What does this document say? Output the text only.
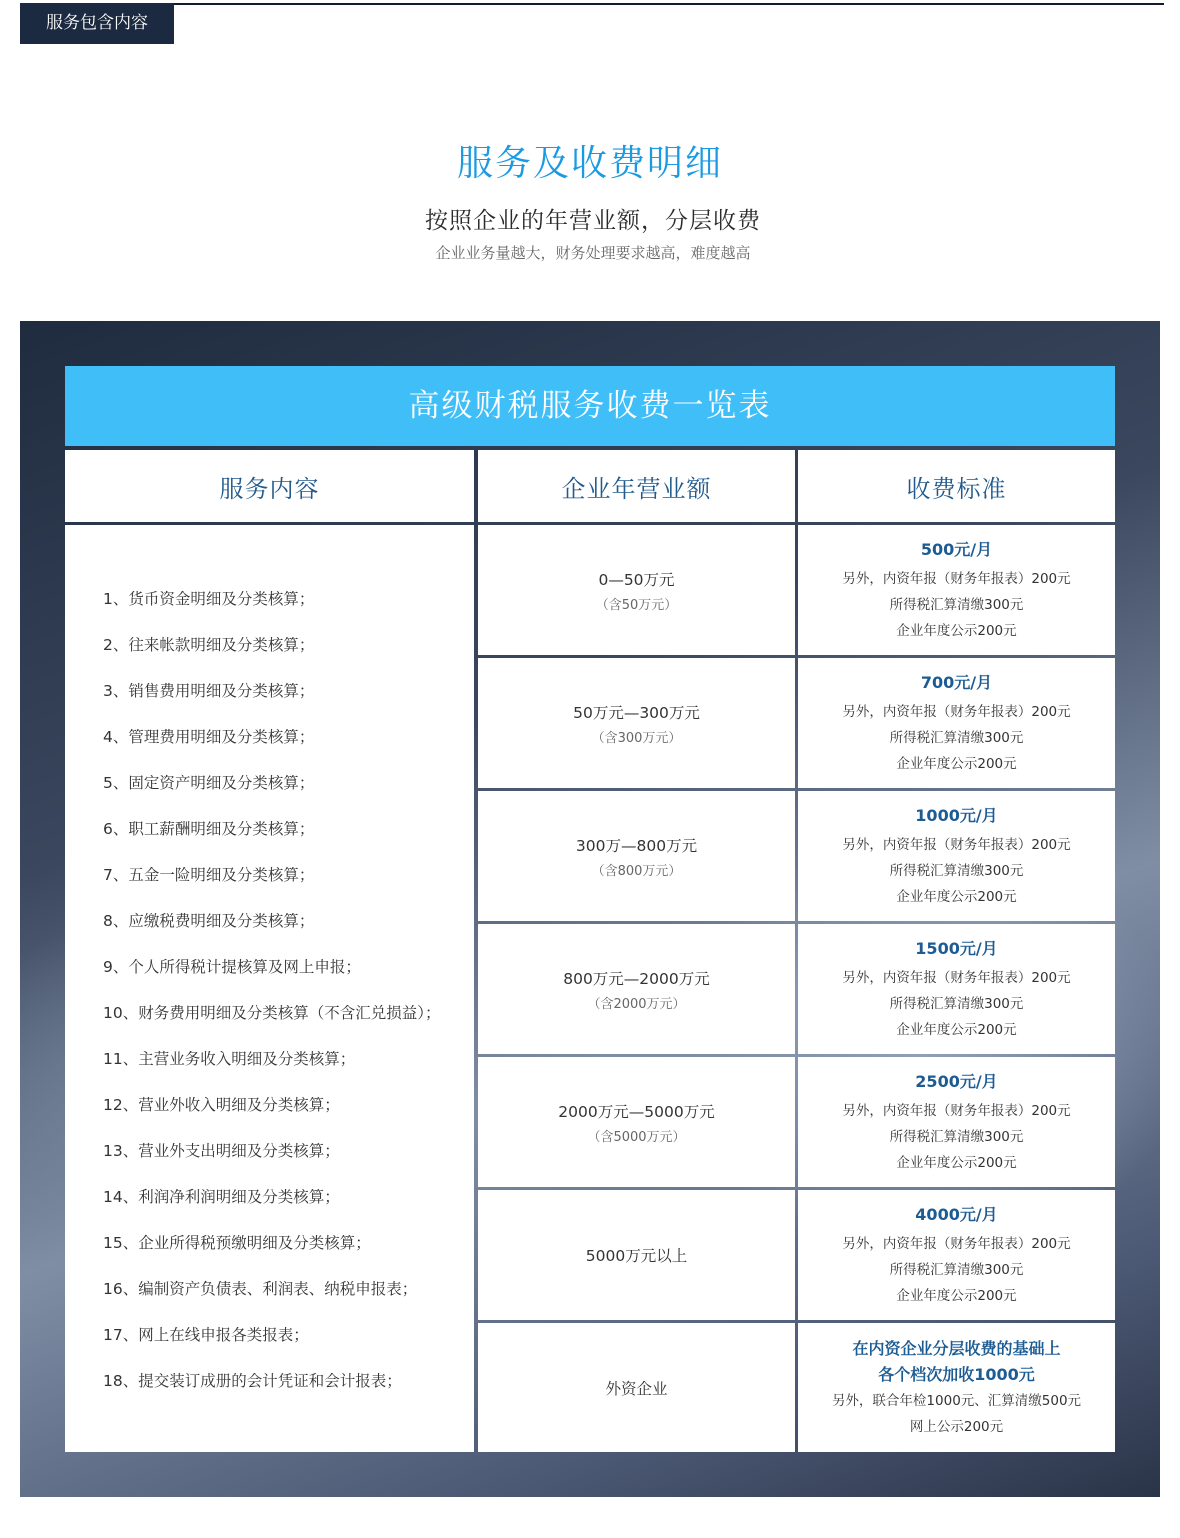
服务包含内容
服务及收费明细
按照企业的年营业额，分层收费
企业业务量越大，财务处理要求越高，难度越高
高级财税服务收费一览表
服务内容	企业年营业额	收费标准
1、货币资金明细及分类核算；
2、往来帐款明细及分类核算；
3、销售费用明细及分类核算；
4、管理费用明细及分类核算；
5、固定资产明细及分类核算；
6、职工薪酬明细及分类核算；
7、五金一险明细及分类核算；
8、应缴税费明细及分类核算；
9、个人所得税计提核算及网上申报；
10、财务费用明细及分类核算（不含汇兑损益）；
11、主营业务收入明细及分类核算；
12、营业外收入明细及分类核算；
13、营业外支出明细及分类核算；
14、利润净利润明细及分类核算；
15、企业所得税预缴明细及分类核算；
16、编制资产负债表、利润表、纳税申报表；
17、网上在线申报各类报表；
18、提交装订成册的会计凭证和会计报表；
0—50万元
（含50万元）
500元/月
另外，内资年报（财务年报表）200元
所得税汇算清缴300元
企业年度公示200元
50万元—300万元
（含300万元）
700元/月
另外，内资年报（财务年报表）200元
所得税汇算清缴300元
企业年度公示200元
300万—800万元
（含800万元）
1000元/月
另外，内资年报（财务年报表）200元
所得税汇算清缴300元
企业年度公示200元
800万元—2000万元
（含2000万元）
1500元/月
另外，内资年报（财务年报表）200元
所得税汇算清缴300元
企业年度公示200元
2000万元—5000万元
（含5000万元）
2500元/月
另外，内资年报（财务年报表）200元
所得税汇算清缴300元
企业年度公示200元
5000万元以上
4000元/月
另外，内资年报（财务年报表）200元
所得税汇算清缴300元
企业年度公示200元
外资企业
在内资企业分层收费的基础上
各个档次加收1000元
另外，联合年检1000元、汇算清缴500元
网上公示200元
